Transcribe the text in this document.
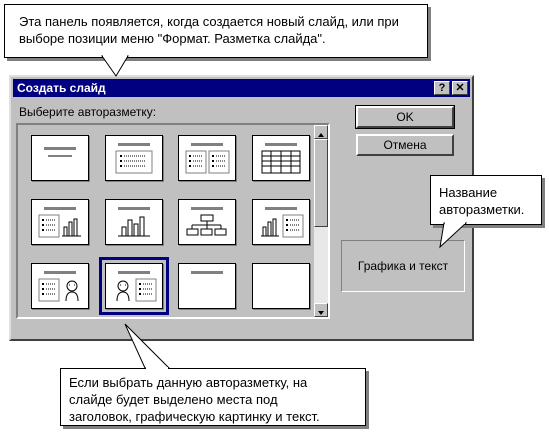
Эта панель появляется, когда создается новый слайд, или при
выборе позиции меню "Формат. Разметка слайда".
Создать слайд	? ✕
Выберите авторазметку:	OK
Отмена
Графика и текст
Название
авторазметки.
Если выбрать данную авторазметку, на
слайде будет выделено места под
заголовок, графическую картинку и текст.
